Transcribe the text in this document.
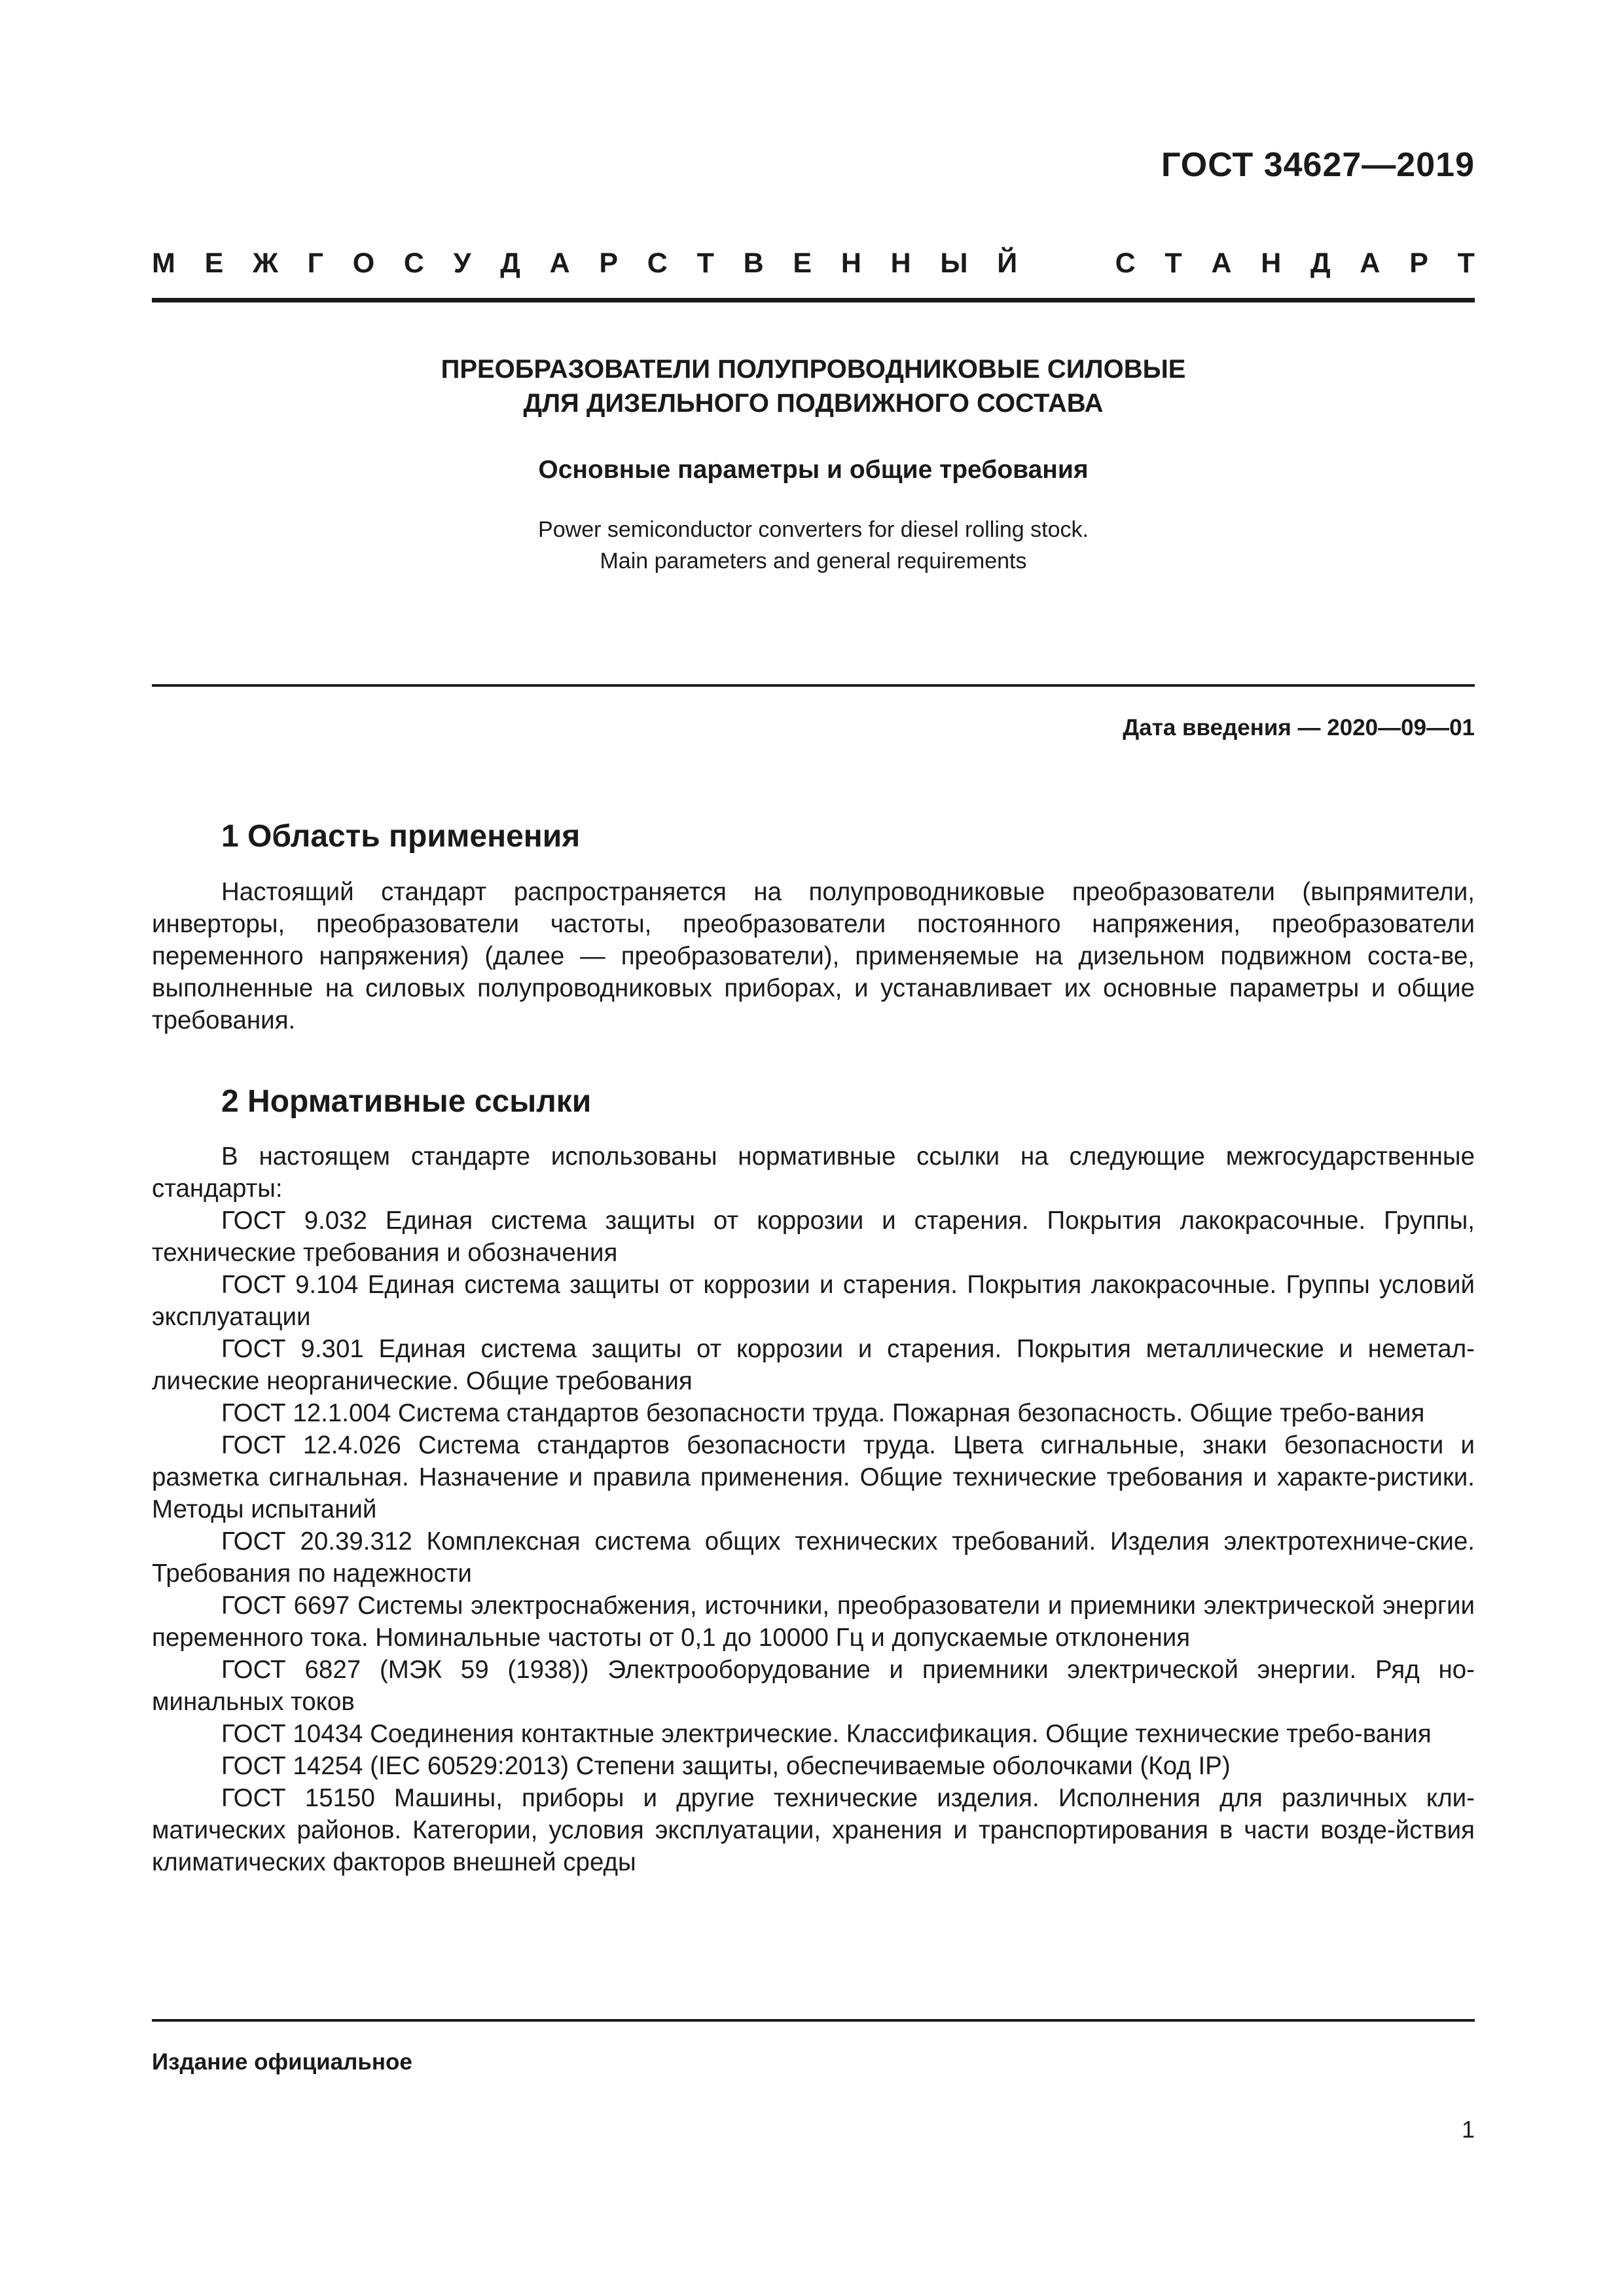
ГОСТ 34627—2019
М Е Ж Г О С У Д А Р С Т В Е Н Н Ы Й	С Т А Н Д А Р Т
ПРЕОБРАЗОВАТЕЛИ ПОЛУПРОВОДНИКОВЫЕ СИЛОВЫЕ
ДЛЯ ДИЗЕЛЬНОГО ПОДВИЖНОГО СОСТАВА
Основные параметры и общие требования
Power semiconductor converters for diesel rolling stock.
Main parameters and general requirements
Дата введения — 2020—09—01
1 Область применения
Настоящий стандарт распространяется на полупроводниковые преобразователи (выпрямители, инверторы, преобразователи частоты, преобразователи постоянного напряжения, преобразователи переменного напряжения) (далее — преобразователи), применяемые на дизельном подвижном соста-ве, выполненные на силовых полупроводниковых приборах, и устанавливает их основные параметры и общие требования.
2 Нормативные ссылки

В настоящем стандарте использованы нормативные ссылки на следующие межгосударственные стандарты:

ГОСТ 9.032 Единая система защиты от коррозии и старения. Покрытия лакокрасочные. Группы, технические требования и обозначения

ГОСТ 9.104 Единая система защиты от коррозии и старения. Покрытия лакокрасочные. Группы условий эксплуатации

ГОСТ 9.301 Единая система защиты от коррозии и старения. Покрытия металлические и неметал-лические неорганические. Общие требования

ГОСТ 12.1.004 Система стандартов безопасности труда. Пожарная безопасность. Общие требо-вания

ГОСТ 12.4.026 Система стандартов безопасности труда. Цвета сигнальные, знаки безопасности и разметка сигнальная. Назначение и правила применения. Общие технические требования и характе-ристики. Методы испытаний

ГОСТ 20.39.312 Комплексная система общих технических требований. Изделия электротехниче-ские. Требования по надежности

ГОСТ 6697 Системы электроснабжения, источники, преобразователи и приемники электрической энергии переменного тока. Номинальные частоты от 0,1 до 10000 Гц и допускаемые отклонения

ГОСТ 6827 (МЭК 59 (1938)) Электрооборудование и приемники электрической энергии. Ряд но-минальных токов

ГОСТ 10434 Соединения контактные электрические. Классификация. Общие технические требо-вания

ГОСТ 14254 (IEC 60529:2013) Степени защиты, обеспечиваемые оболочками (Код IP)

ГОСТ 15150 Машины, приборы и другие технические изделия. Исполнения для различных кли-матических районов. Категории, условия эксплуатации, хранения и транспортирования в части возде-йствия климатических факторов внешней среды

Издание официальное
1
